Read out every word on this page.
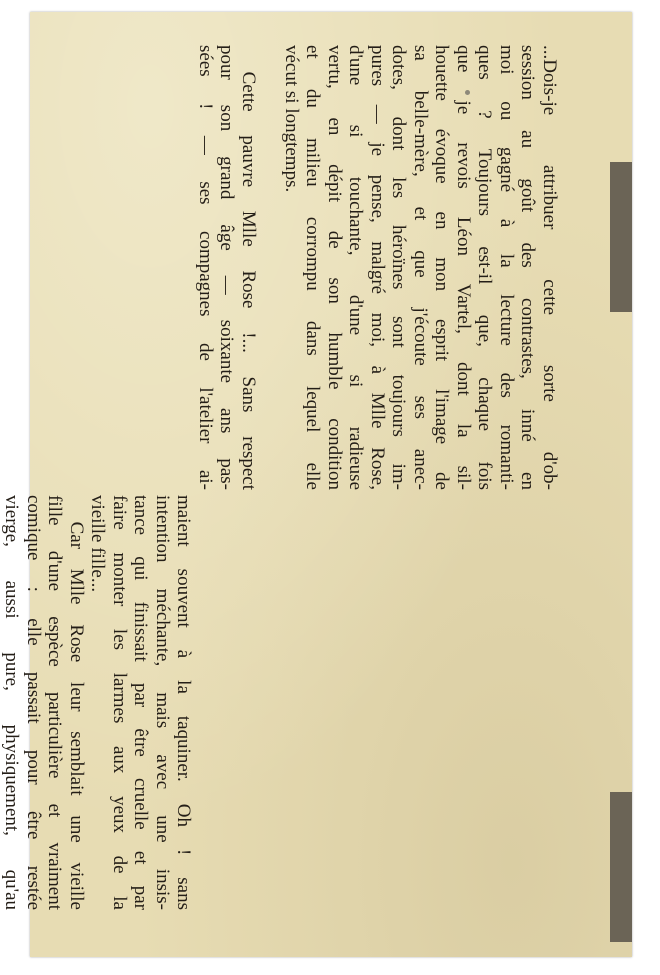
...Dois-je attribuer cette sorte d'ob-
session au goût des contrastes, inné en
moi ou gagné à la lecture des romanti-
ques ? Toujours est-il que, chaque fois
que je revois Léon Vartel, dont la sil-
houette évoque en mon esprit l'image de
sa belle-mère, et que j'écoute ses anec-
dotes, dont les héroïnes sont toujours im-
pures — je pense, malgré moi, à Mlle Rose,
d'une si touchante, d'une si radieuse
vertu, en dépit de son humble condition
et du milieu corrompu dans lequel elle
vécut si longtemps.
Cette pauvre Mlle Rose !... Sans respect
pour son grand âge — soixante ans pas-
sées ! — ses compagnes de l'atelier ai-
maient souvent à la taquiner. Oh ! sans
intention méchante, mais avec une insis-
tance qui finissait par être cruelle et par
faire monter les larmes aux yeux de la
vieille fille...
Car Mlle Rose leur semblait une vieille
fille d'une espèce particulière et vraiment
comique : elle passait pour être restée
vierge, aussi pure, physiquement, qu'au
